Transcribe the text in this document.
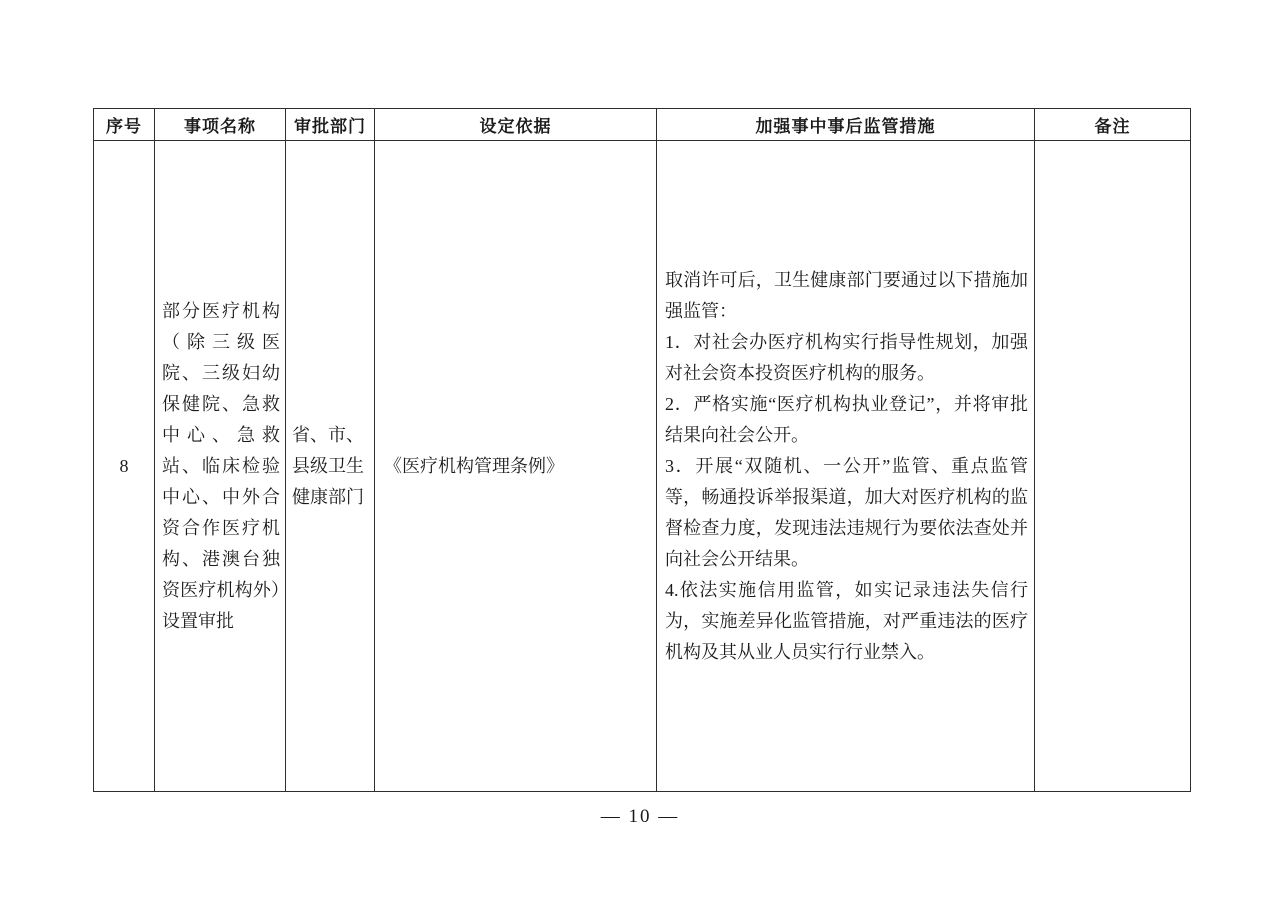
序号	事项名称	审批部门	设定依据	加强事中事后监管措施	备注
8	部分医疗机构（除三级医院、三级妇幼保健院、急救中心、急救站、临床检验中心、中外合资合作医疗机构、港澳台独资医疗机构外）设置审批	省、市、县级卫生健康部门	《医疗机构管理条例》	取消许可后，卫生健康部门要通过以下措施加强监管：

1．对社会办医疗机构实行指导性规划，加强对社会资本投资医疗机构的服务。

2．严格实施“医疗机构执业登记”，并将审批结果向社会公开。

3．开展“双随机、一公开”监管、重点监管等，畅通投诉举报渠道，加大对医疗机构的监督检查力度，发现违法违规行为要依法查处并向社会公开结果。

4.依法实施信用监管，如实记录违法失信行为，实施差异化监管措施，对严重违法的医疗机构及其从业人员实行行业禁入。	

— 10 —
